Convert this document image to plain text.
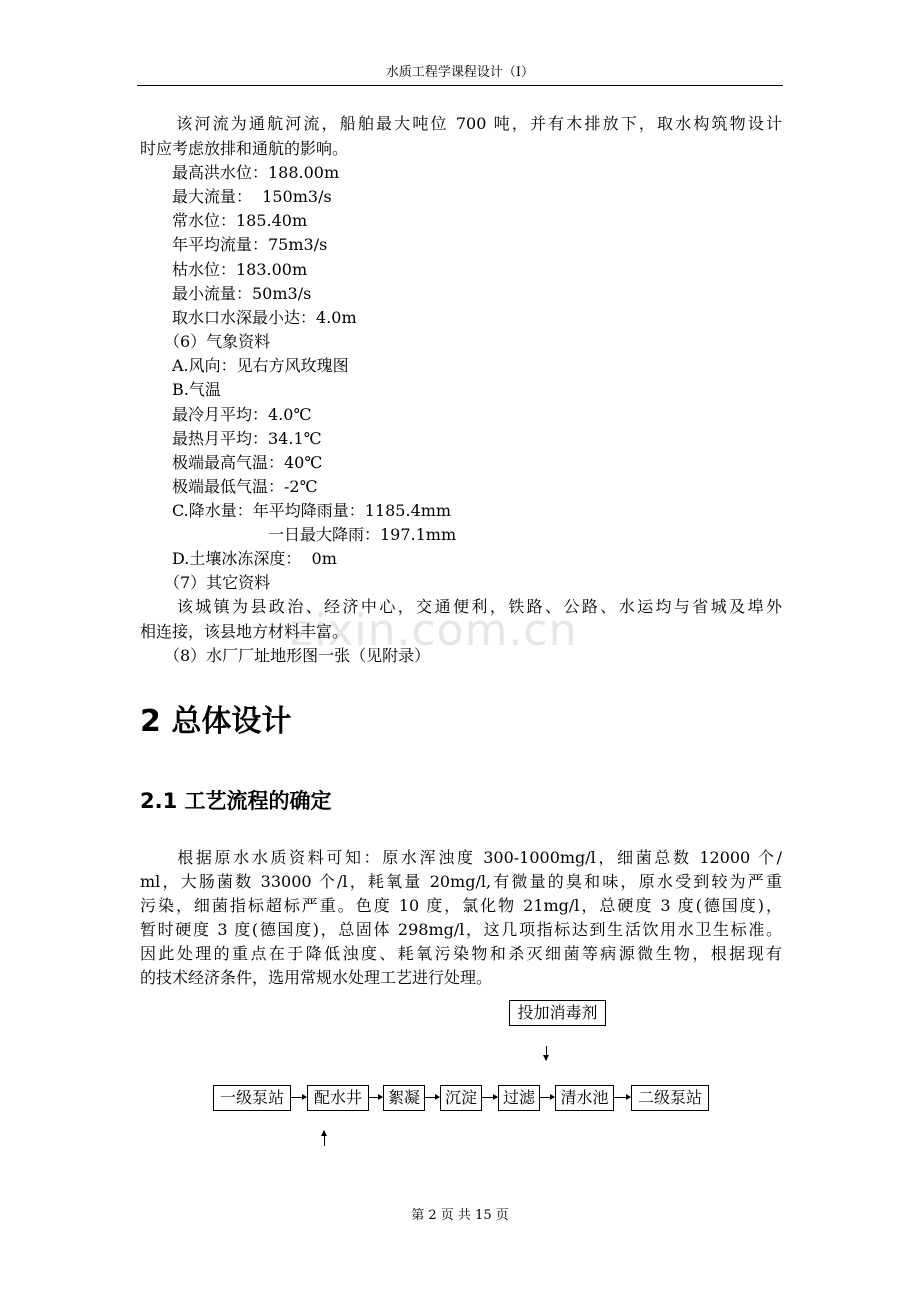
水质工程学课程设计（I）
zixin.com.cn
　　该河流为通航河流，船舶最大吨位 700 吨，并有木排放下，取水构筑物设计
时应考虑放排和通航的影响。
　　最高洪水位：188.00m
　　最大流量：  150m3/s
　　常水位：185.40m
　　年平均流量：75m3/s
　　枯水位：183.00m
　　最小流量：50m3/s
　　取水口水深最小达：4.0m
　　（6）气象资料
　　A.风向：见右方风玫瑰图
　　B.气温
　　最冷月平均：4.0℃
　　最热月平均：34.1℃
　　极端最高气温：40℃
　　极端最低气温：-2℃
　　C.降水量：年平均降雨量：1185.4mm
　　　　　　　　一日最大降雨：197.1mm
　　D.土壤冰冻深度：  0m
　　（7）其它资料
　　该城镇为县政治、经济中心，交通便利，铁路、公路、水运均与省城及埠外
相连接，该县地方材料丰富。
　　（8）水厂厂址地形图一张（见附录）
2 总体设计
2.1 工艺流程的确定
　　根据原水水质资料可知：原水浑浊度 300-1000mg/l，细菌总数 12000 个/
ml，大肠菌数 33000 个/l，耗氧量 20mg/l,有微量的臭和味，原水受到较为严重
污染，细菌指标超标严重。色度 10 度，氯化物 21mg/l，总硬度 3 度(德国度)，
暂时硬度 3 度(德国度)，总固体 298mg/l，这几项指标达到生活饮用水卫生标准。
因此处理的重点在于降低浊度、耗氧污染物和杀灭细菌等病源微生物，根据现有
的技术经济条件，选用常规水处理工艺进行处理。
投加消毒剂
一级泵站	配水井	絮凝	沉淀	过滤	清水池	二级泵站
第 2 页 共 15 页
